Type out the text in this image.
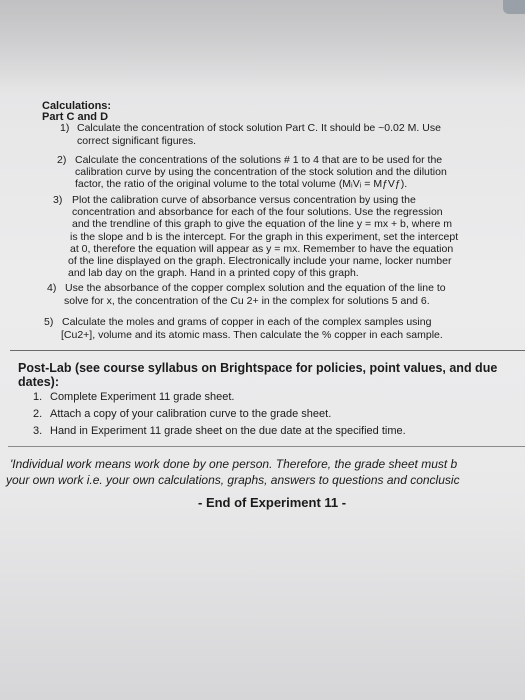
Calculations:
Part C and D
1) Calculate the concentration of stock solution Part C. It should be ~0.02 M. Use
correct significant figures.
2) Calculate the concentrations of the solutions # 1 to 4 that are to be used for the
calibration curve by using the concentration of the stock solution and the dilution
factor, the ratio of the original volume to the total volume (MᵢVᵢ = MƒVƒ).
3) Plot the calibration curve of absorbance versus concentration by using the
concentration and absorbance for each of the four solutions. Use the regression
and the trendline of this graph to give the equation of the line y = mx + b, where m
is the slope and b is the intercept. For the graph in this experiment, set the intercept
at 0, therefore the equation will appear as y = mx. Remember to have the equation
of the line displayed on the graph. Electronically include your name, locker number
and lab day on the graph. Hand in a printed copy of this graph.
4) Use the absorbance of the copper complex solution and the equation of the line to
solve for x, the concentration of the Cu 2+ in the complex for solutions 5 and 6.
5) Calculate the moles and grams of copper in each of the complex samples using
[Cu2+], volume and its atomic mass. Then calculate the % copper in each sample.
Post-Lab (see course syllabus on Brightspace for policies, point values, and due
dates):
1. Complete Experiment 11 grade sheet.
2. Attach a copy of your calibration curve to the grade sheet.
3. Hand in Experiment 11 grade sheet on the due date at the specified time.
'Individual work means work done by one person. Therefore, the grade sheet must b
your own work i.e. your own calculations, graphs, answers to questions and conclusic
- End of Experiment 11 -
